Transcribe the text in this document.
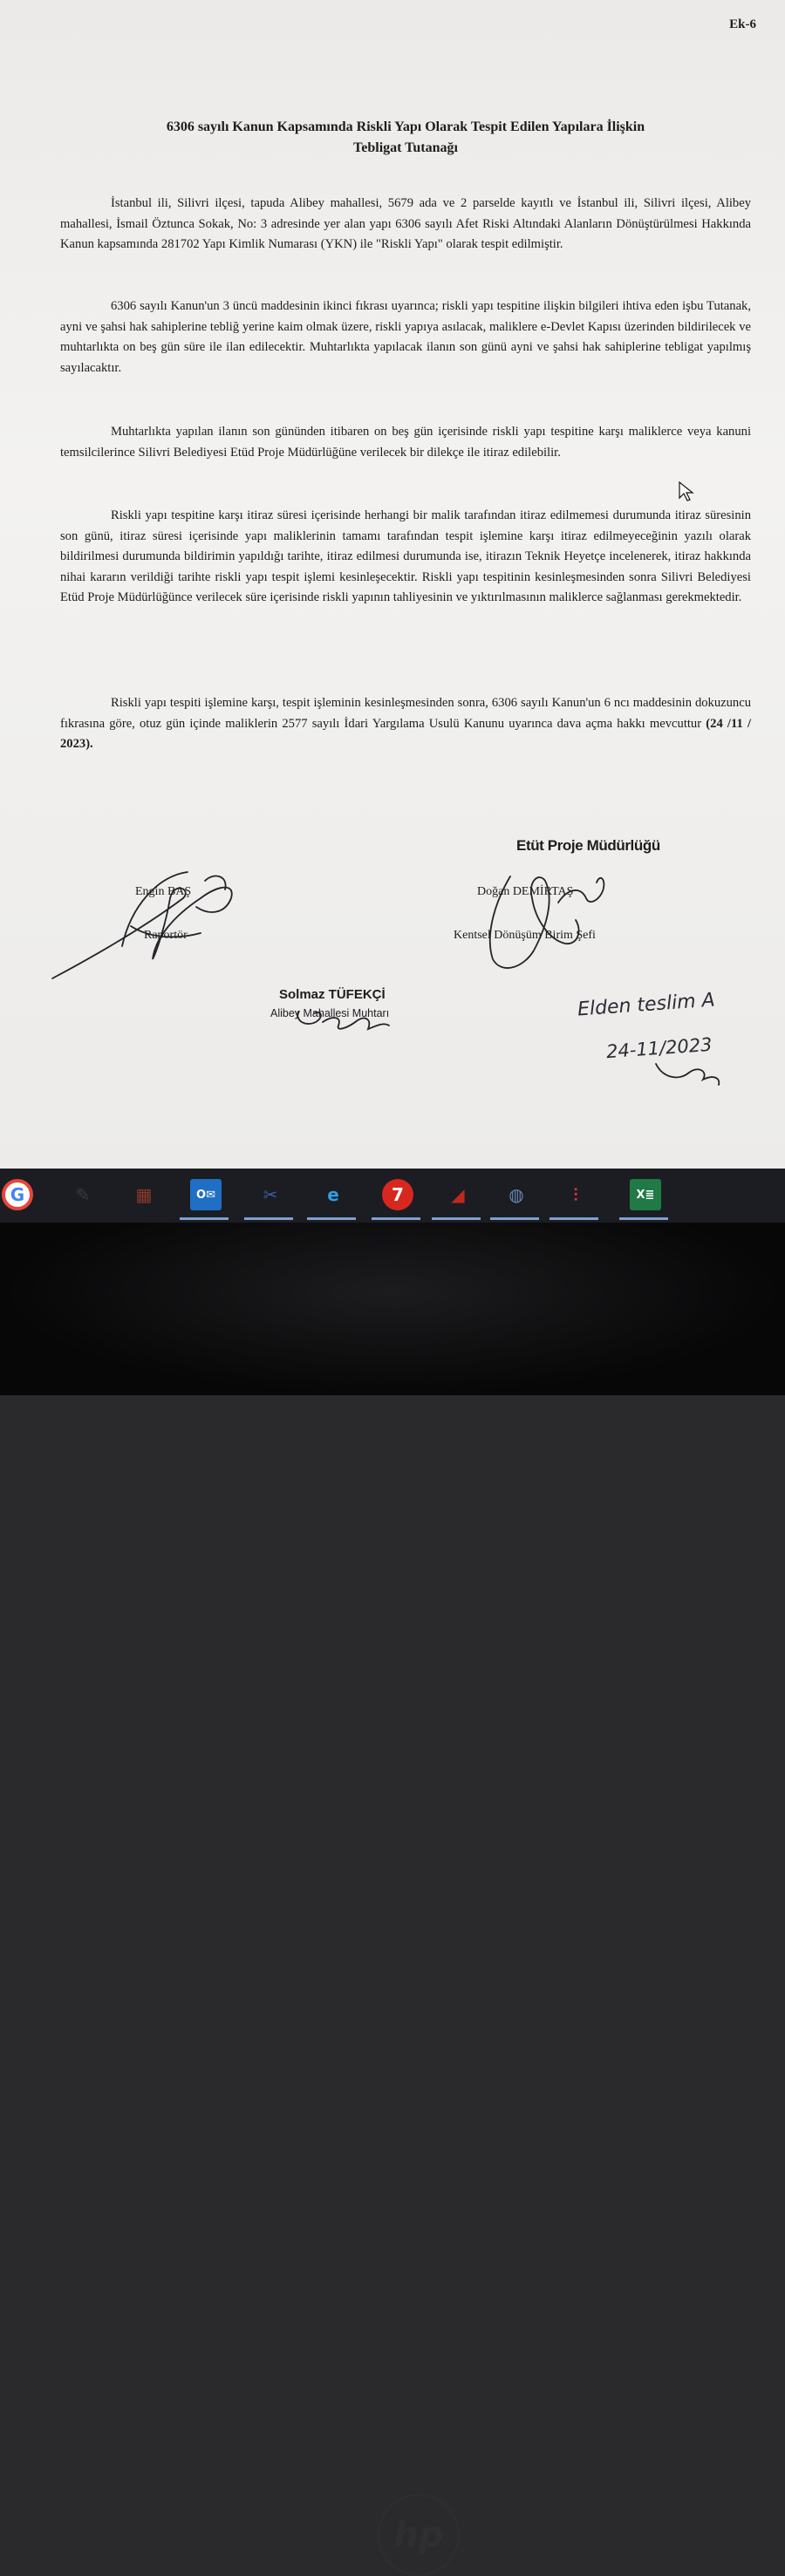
Ek-6
6306 sayılı Kanun Kapsamında Riskli Yapı Olarak Tespit Edilen Yapılara İlişkin
Tebligat Tutanağı
İstanbul ili, Silivri ilçesi, tapuda Alibey mahallesi, 5679 ada ve 2 parselde kayıtlı ve İstanbul ili, Silivri ilçesi, Alibey mahallesi, İsmail Öztunca Sokak, No: 3 adresinde yer alan yapı 6306 sayılı Afet Riski Altındaki Alanların Dönüştürülmesi Hakkında Kanun kapsamında 281702 Yapı Kimlik Numarası (YKN) ile "Riskli Yapı" olarak tespit edilmiştir.
6306 sayılı Kanun'un 3 üncü maddesinin ikinci fıkrası uyarınca; riskli yapı tespitine ilişkin bilgileri ihtiva eden işbu Tutanak, ayni ve şahsi hak sahiplerine tebliğ yerine kaim olmak üzere, riskli yapıya asılacak, maliklere e-Devlet Kapısı üzerinden bildirilecek ve muhtarlıkta on beş gün süre ile ilan edilecektir. Muhtarlıkta yapılacak ilanın son günü ayni ve şahsi hak sahiplerine tebligat yapılmış sayılacaktır.
Muhtarlıkta yapılan ilanın son gününden itibaren on beş gün içerisinde riskli yapı tespitine karşı maliklerce veya kanuni temsilcilerince Silivri Belediyesi Etüd Proje Müdürlüğüne verilecek bir dilekçe ile itiraz edilebilir.
Riskli yapı tespitine karşı itiraz süresi içerisinde herhangi bir malik tarafından itiraz edilmemesi durumunda itiraz süresinin son günü, itiraz süresi içerisinde yapı maliklerinin tamamı tarafından tespit işlemine karşı itiraz edilmeyeceğinin yazılı olarak bildirilmesi durumunda bildirimin yapıldığı tarihte, itiraz edilmesi durumunda ise, itirazın Teknik Heyetçe incelenerek, itiraz hakkında nihai kararın verildiği tarihte riskli yapı tespit işlemi kesinleşecektir. Riskli yapı tespitinin kesinleşmesinden sonra Silivri Belediyesi Etüd Proje Müdürlüğünce verilecek süre içerisinde riskli yapının tahliyesinin ve yıktırılmasının maliklerce sağlanması gerekmektedir.
Riskli yapı tespiti işlemine karşı, tespit işleminin kesinleşmesinden sonra, 6306 sayılı Kanun'un 6 ncı maddesinin dokuzuncu fıkrasına göre, otuz gün içinde maliklerin 2577 sayılı İdari Yargılama Usulü Kanunu uyarınca dava açma hakkı mevcuttur (24 /11 / 2023).
Etüt Proje Müdürlüğü
Doğan DEMİRTAŞ
Kentsel Dönüşüm Birim Şefi
Engin BAŞ
Raportör
Solmaz TÜFEKÇİ
Alibey Mahallesi Muhtarı	Elden teslim A
24-11/2023
G	✎	▦	O✉	✂	e	7	◢	◍	⫶	X≣
hp
